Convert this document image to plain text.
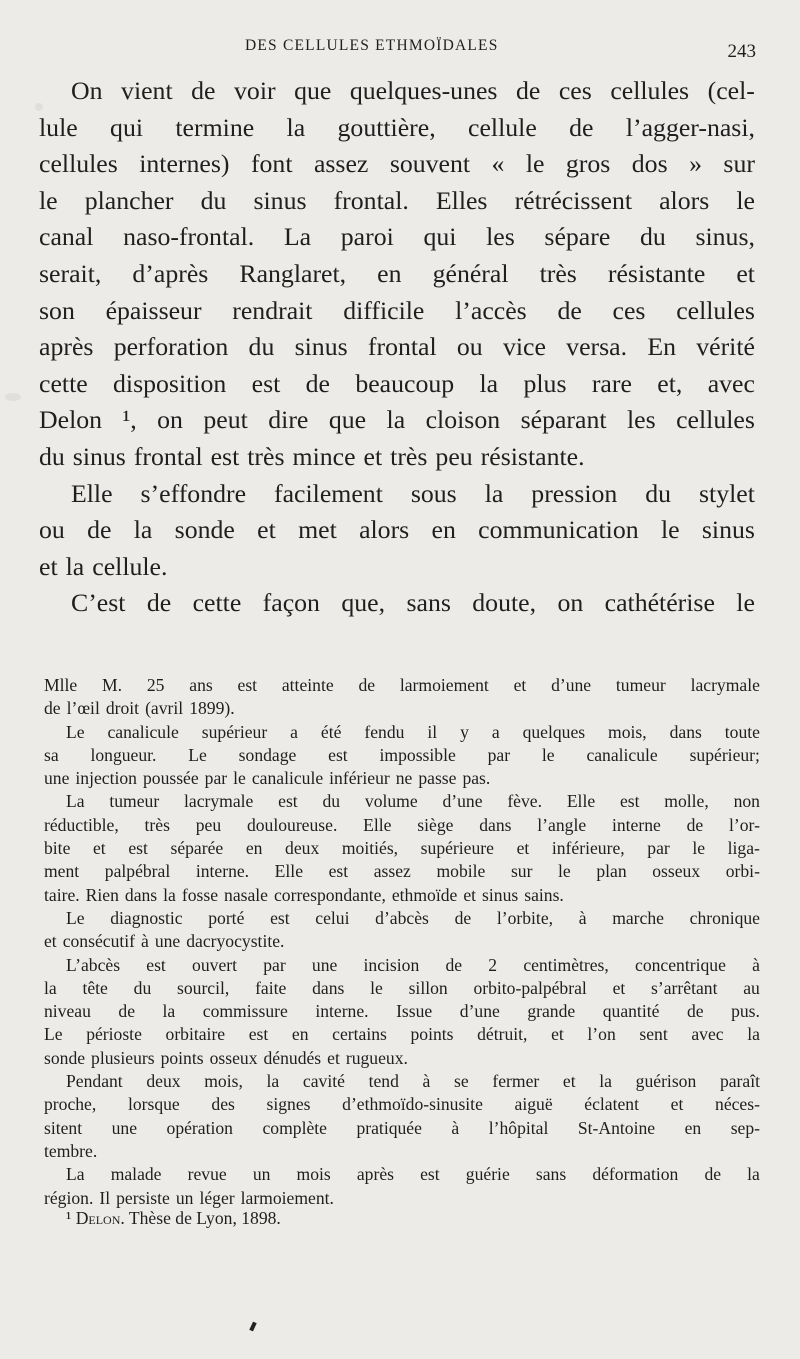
DES CELLULES ETHMOÏDALES	243
On vient de voir que quelques-unes de ces cellules (cel-
lule qui termine la gouttière, cellule de l’agger-nasi,
cellules internes) font assez souvent « le gros dos » sur
le plancher du sinus frontal. Elles rétrécissent alors le
canal naso-frontal. La paroi qui les sépare du sinus,
serait, d’après Ranglaret, en général très résistante et
son épaisseur rendrait difficile l’accès de ces cellules
après perforation du sinus frontal ou vice versa. En vérité
cette disposition est de beaucoup la plus rare et, avec
Delon ¹, on peut dire que la cloison séparant les cellules
du sinus frontal est très mince et très peu résistante.
Elle s’effondre facilement sous la pression du stylet
ou de la sonde et met alors en communication le sinus
et la cellule.
C’est de cette façon que, sans doute, on cathétérise le
Mlle M. 25 ans est atteinte de larmoiement et d’une tumeur lacrymale
de l’œil droit (avril 1899).
Le canalicule supérieur a été fendu il y a quelques mois, dans toute
sa longueur. Le sondage est impossible par le canalicule supérieur;
une injection poussée par le canalicule inférieur ne passe pas.
La tumeur lacrymale est du volume d’une fève. Elle est molle, non
réductible, très peu douloureuse. Elle siège dans l’angle interne de l’or-
bite et est séparée en deux moitiés, supérieure et inférieure, par le liga-
ment palpébral interne. Elle est assez mobile sur le plan osseux orbi-
taire. Rien dans la fosse nasale correspondante, ethmoïde et sinus sains.
Le diagnostic porté est celui d’abcès de l’orbite, à marche chronique
et consécutif à une dacryocystite.
L’abcès est ouvert par une incision de 2 centimètres, concentrique à
la tête du sourcil, faite dans le sillon orbito-palpébral et s’arrêtant au
niveau de la commissure interne. Issue d’une grande quantité de pus.
Le périoste orbitaire est en certains points détruit, et l’on sent avec la
sonde plusieurs points osseux dénudés et rugueux.
Pendant deux mois, la cavité tend à se fermer et la guérison paraît
proche, lorsque des signes d’ethmoïdo-sinusite aiguë éclatent et néces-
sitent une opération complète pratiquée à l’hôpital St-Antoine en sep-
tembre.
La malade revue un mois après est guérie sans déformation de la
région. Il persiste un léger larmoiement.
¹ Delon. Thèse de Lyon, 1898.
